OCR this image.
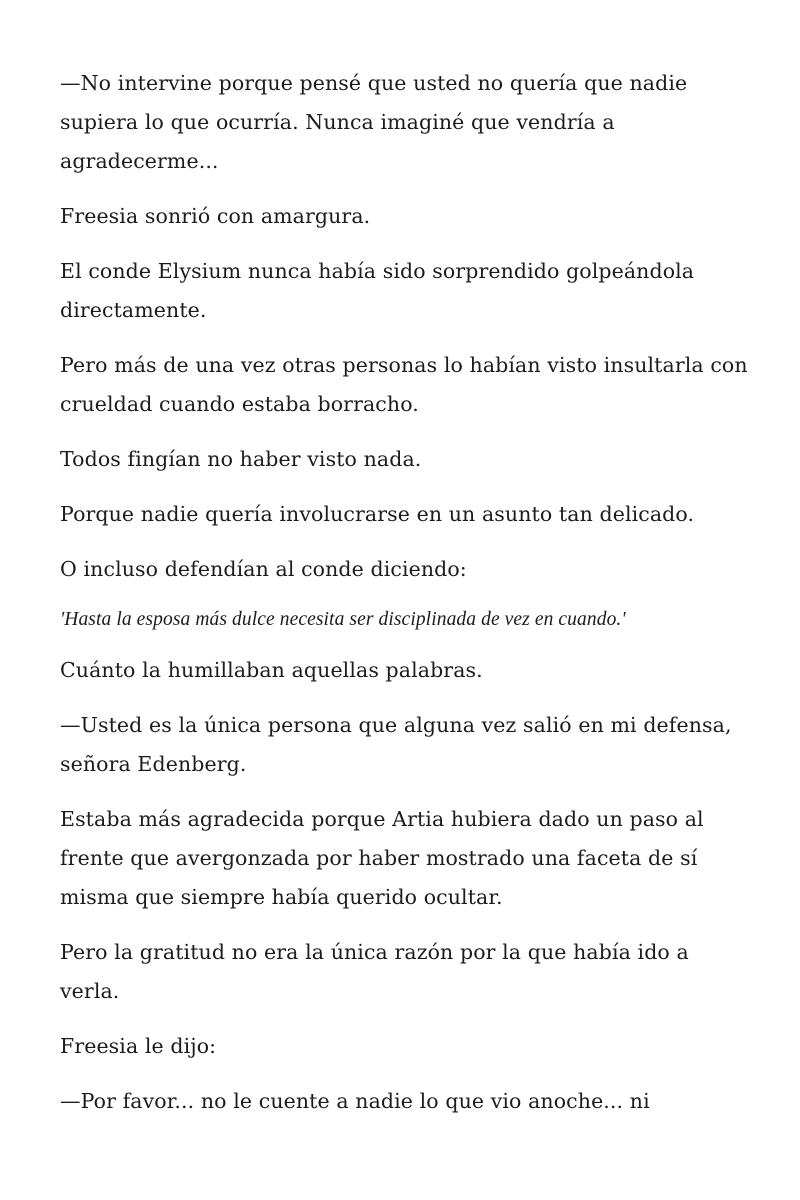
—No intervine porque pensé que usted no quería que nadie supiera lo que ocurría. Nunca imaginé que vendría a agradecerme...

Freesia sonrió con amargura.

El conde Elysium nunca había sido sorprendido golpeándola directamente.

Pero más de una vez otras personas lo habían visto insultarla con crueldad cuando estaba borracho.

Todos fingían no haber visto nada.

Porque nadie quería involucrarse en un asunto tan delicado.

O incluso defendían al conde diciendo:

'Hasta la esposa más dulce necesita ser disciplinada de vez en cuando.'

Cuánto la humillaban aquellas palabras.

—Usted es la única persona que alguna vez salió en mi defensa, señora Edenberg.

Estaba más agradecida porque Artia hubiera dado un paso al frente que avergonzada por haber mostrado una faceta de sí misma que siempre había querido ocultar.

Pero la gratitud no era la única razón por la que había ido a verla.

Freesia le dijo:

—Por favor... no le cuente a nadie lo que vio anoche... ni
